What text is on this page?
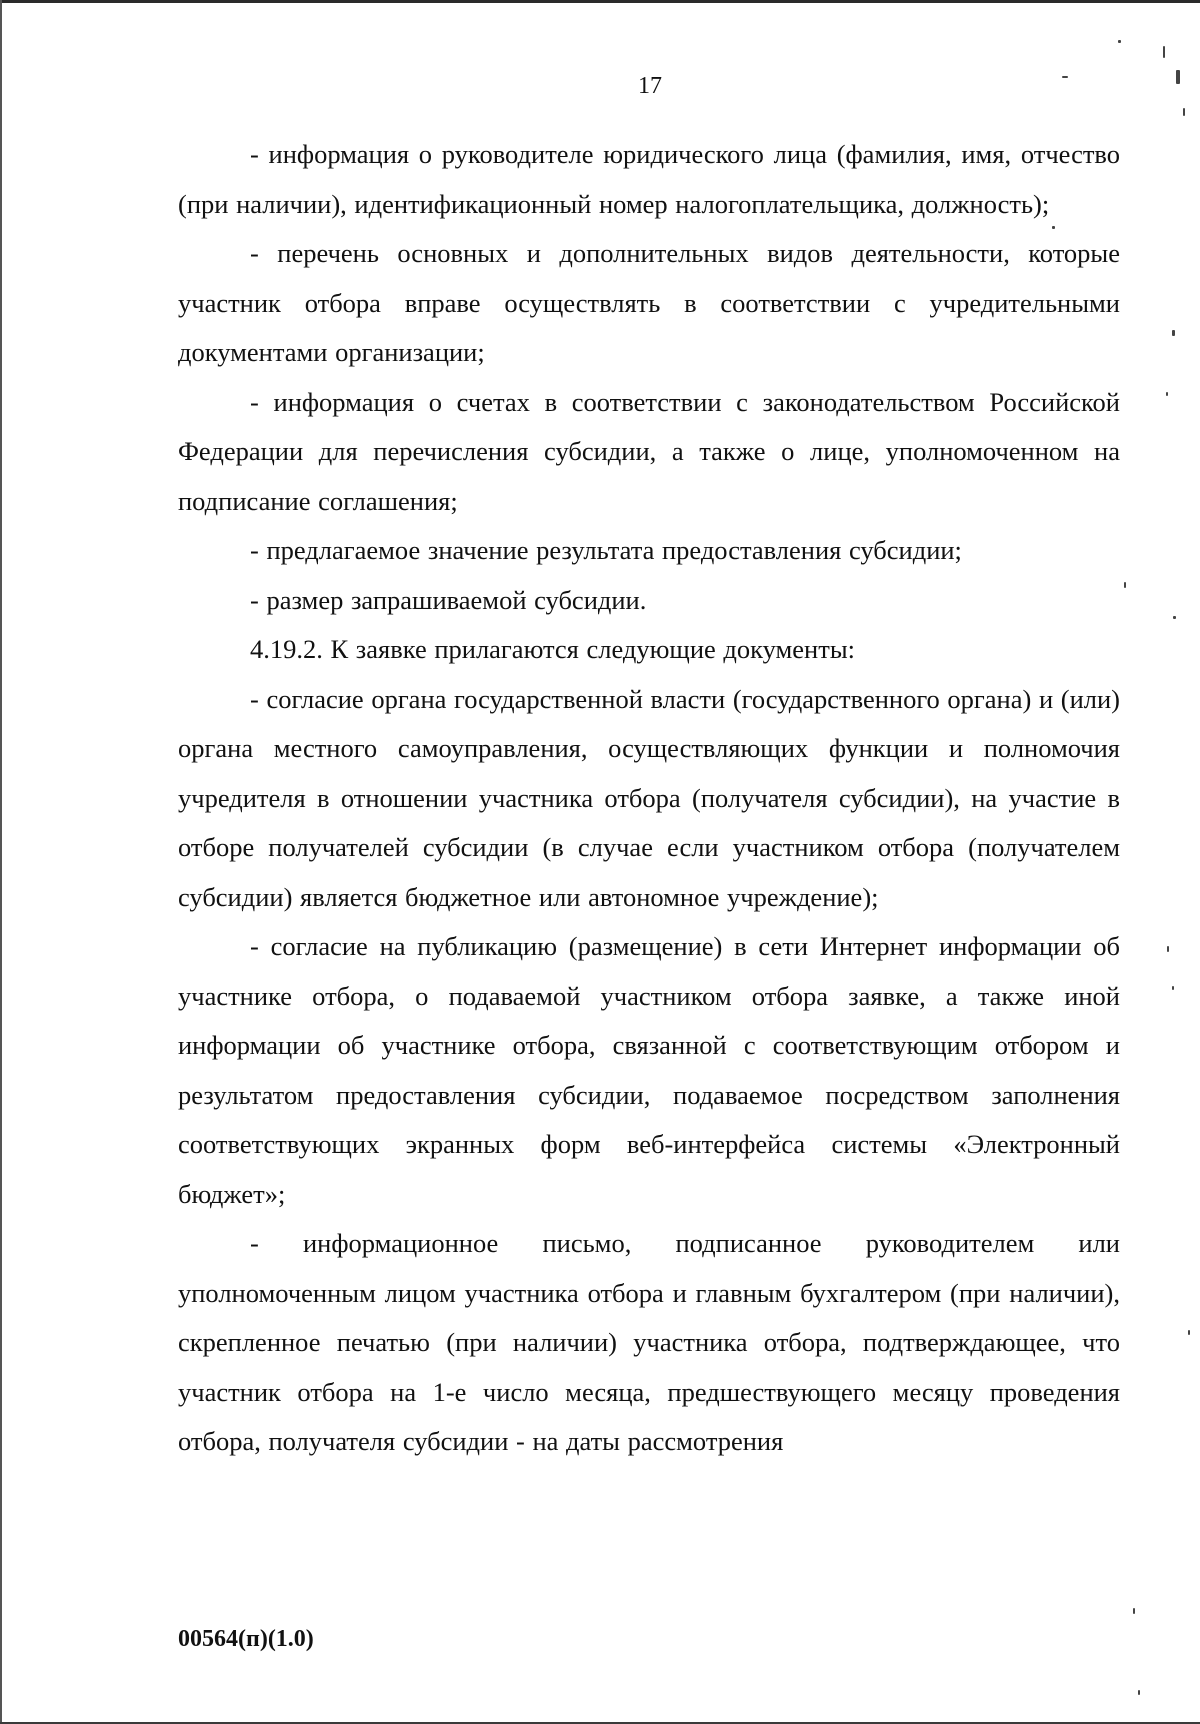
17

- информация о руководителе юридического лица (фамилия, имя, отчество (при наличии), идентификационный номер налогоплательщика, должность);

- перечень основных и дополнительных видов деятельности, которые участник отбора вправе осуществлять в соответствии с учредительными документами организации;

- информация о счетах в соответствии с законодательством Российской Федерации для перечисления субсидии, а также о лице, уполномоченном на подписание соглашения;

- предлагаемое значение результата предоставления субсидии;

- размер запрашиваемой субсидии.

4.19.2. К заявке прилагаются следующие документы:

- согласие органа государственной власти (государственного органа) и (или) органа местного самоуправления, осуществляющих функции и полномочия учредителя в отношении участника отбора (получателя субсидии), на участие в отборе получателей субсидии (в случае если участником отбора (получателем субсидии) является бюджетное или автономное учреждение);

- согласие на публикацию (размещение) в сети Интернет информации об участнике отбора, о подаваемой участником отбора заявке, а также иной информации об участнике отбора, связанной с соответствующим отбором и результатом предоставления субсидии, подаваемое посредством заполнения соответствующих экранных форм веб-интерфейса системы «Электронный бюджет»;

- информационное письмо, подписанное руководителем или уполномоченным лицом участника отбора и главным бухгалтером (при наличии), скрепленное печатью (при наличии) участника отбора, подтверждающее, что участник отбора на 1-е число месяца, предшествующего месяцу проведения отбора, получателя субсидии - на даты рассмотрения

00564(п)(1.0)
